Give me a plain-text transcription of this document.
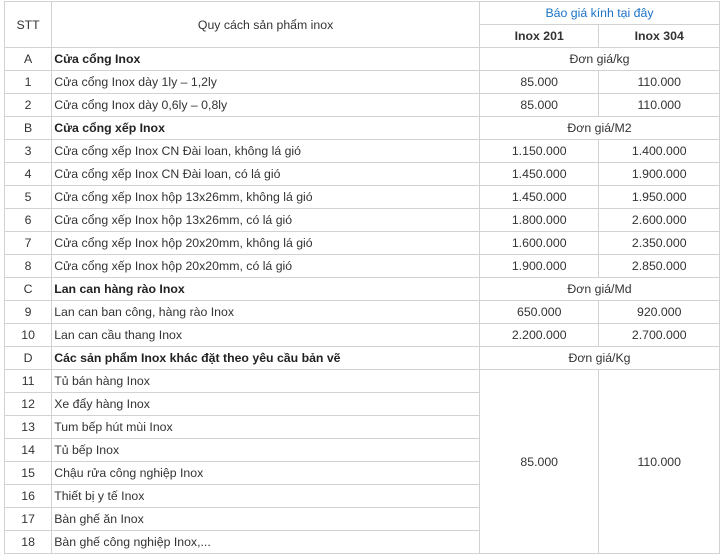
STT	Quy cách sản phẩm inox	Báo giá kính tại đây	
		Inox 201	Inox 304
A	Cửa cổng Inox	Đơn giá/kg	
1	Cửa cổng Inox dày 1ly – 1,2ly	85.000	110.000
2	Cửa cổng Inox dày 0,6ly – 0,8ly	85.000	110.000
B	Cửa cổng xếp Inox	Đơn giá/M2	
3	Cửa cổng xếp Inox CN Đài loan, không lá gió	1.150.000	1.400.000
4	Cửa cổng xếp Inox CN Đài loan, có lá gió	1.450.000	1.900.000
5	Cửa cổng xếp Inox hộp 13x26mm, không lá gió	1.450.000	1.950.000
6	Cửa cổng xếp Inox hộp 13x26mm, có lá gió	1.800.000	2.600.000
7	Cửa cổng xếp Inox hộp 20x20mm, không lá gió	1.600.000	2.350.000
8	Cửa cổng xếp Inox hộp 20x20mm, có lá gió	1.900.000	2.850.000
C	Lan can hàng rào Inox	Đơn giá/Md	
9	Lan can ban công, hàng rào Inox	650.000	920.000
10	Lan can cầu thang Inox	2.200.000	2.700.000
D	Các sản phẩm Inox khác đặt theo yêu cầu bản vẽ	Đơn giá/Kg	
11	Tủ bán hàng Inox	85.000	110.000
12	Xe đẩy hàng Inox		
13	Tum bếp hút mùi Inox		
14	Tủ bếp Inox		
15	Chậu rửa công nghiệp Inox		
16	Thiết bị y tế Inox		
17	Bàn ghế ăn Inox		
18	Bàn ghế công nghiệp Inox,...		
